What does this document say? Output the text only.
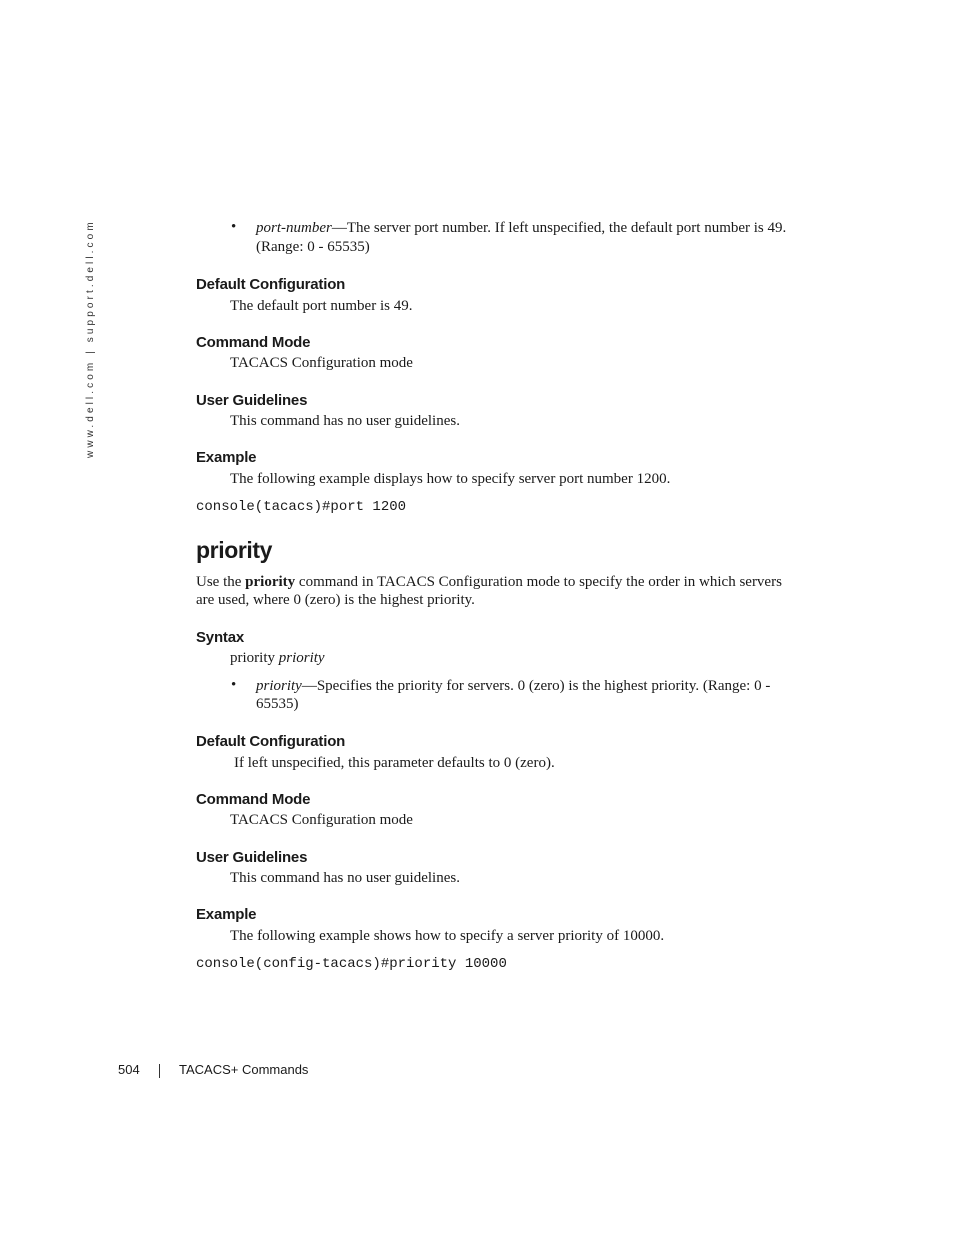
www.dell.com | support.dell.com	• port-number—The server port number. If left unspecified, the default port number is 49.
(Range: 0 - 65535)
Default Configuration
The default port number is 49.
Command Mode
TACACS Configuration mode
User Guidelines
This command has no user guidelines.
Example
The following example displays how to specify server port number 1200.
console(tacacs)#port 1200
priority
Use the priority command in TACACS Configuration mode to specify the order in which servers
are used, where 0 (zero) is the highest priority.
Syntax
priority priority
• priority—Specifies the priority for servers. 0 (zero) is the highest priority. (Range: 0 -
65535)
Default Configuration
If left unspecified, this parameter defaults to 0 (zero).
Command Mode
TACACS Configuration mode
User Guidelines
This command has no user guidelines.
Example
The following example shows how to specify a server priority of 10000.
console(config-tacacs)#priority 10000
504	TACACS+ Commands
